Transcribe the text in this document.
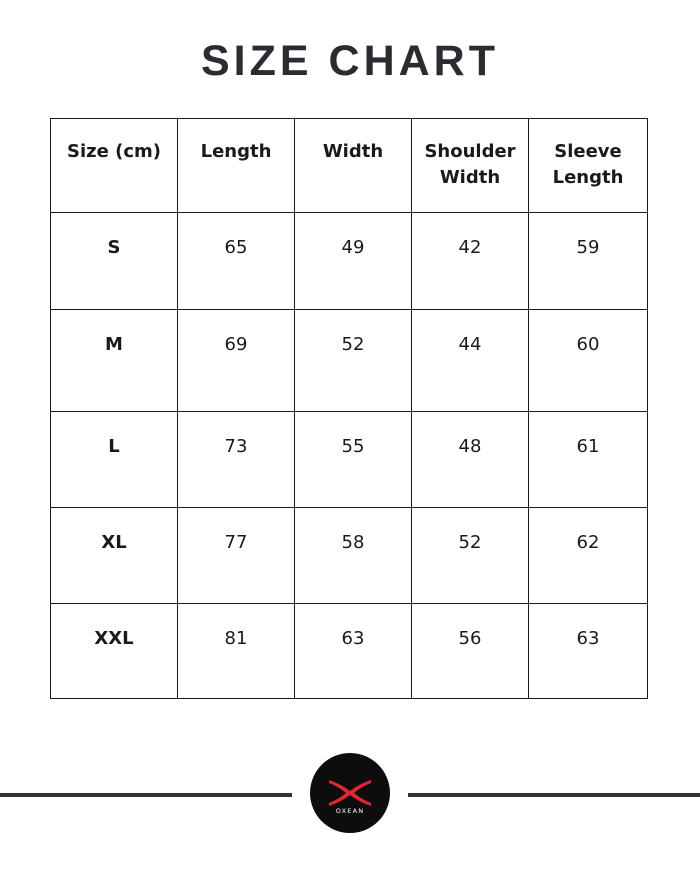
SIZE CHART
Size (cm)	Length	Width	Shoulder Width	Sleeve Length

S	65	49	42	59
M	69	52	44	60
L	73	55	48	61
XL	77	58	52	62
XXL	81	63	56	63
OXEAN
